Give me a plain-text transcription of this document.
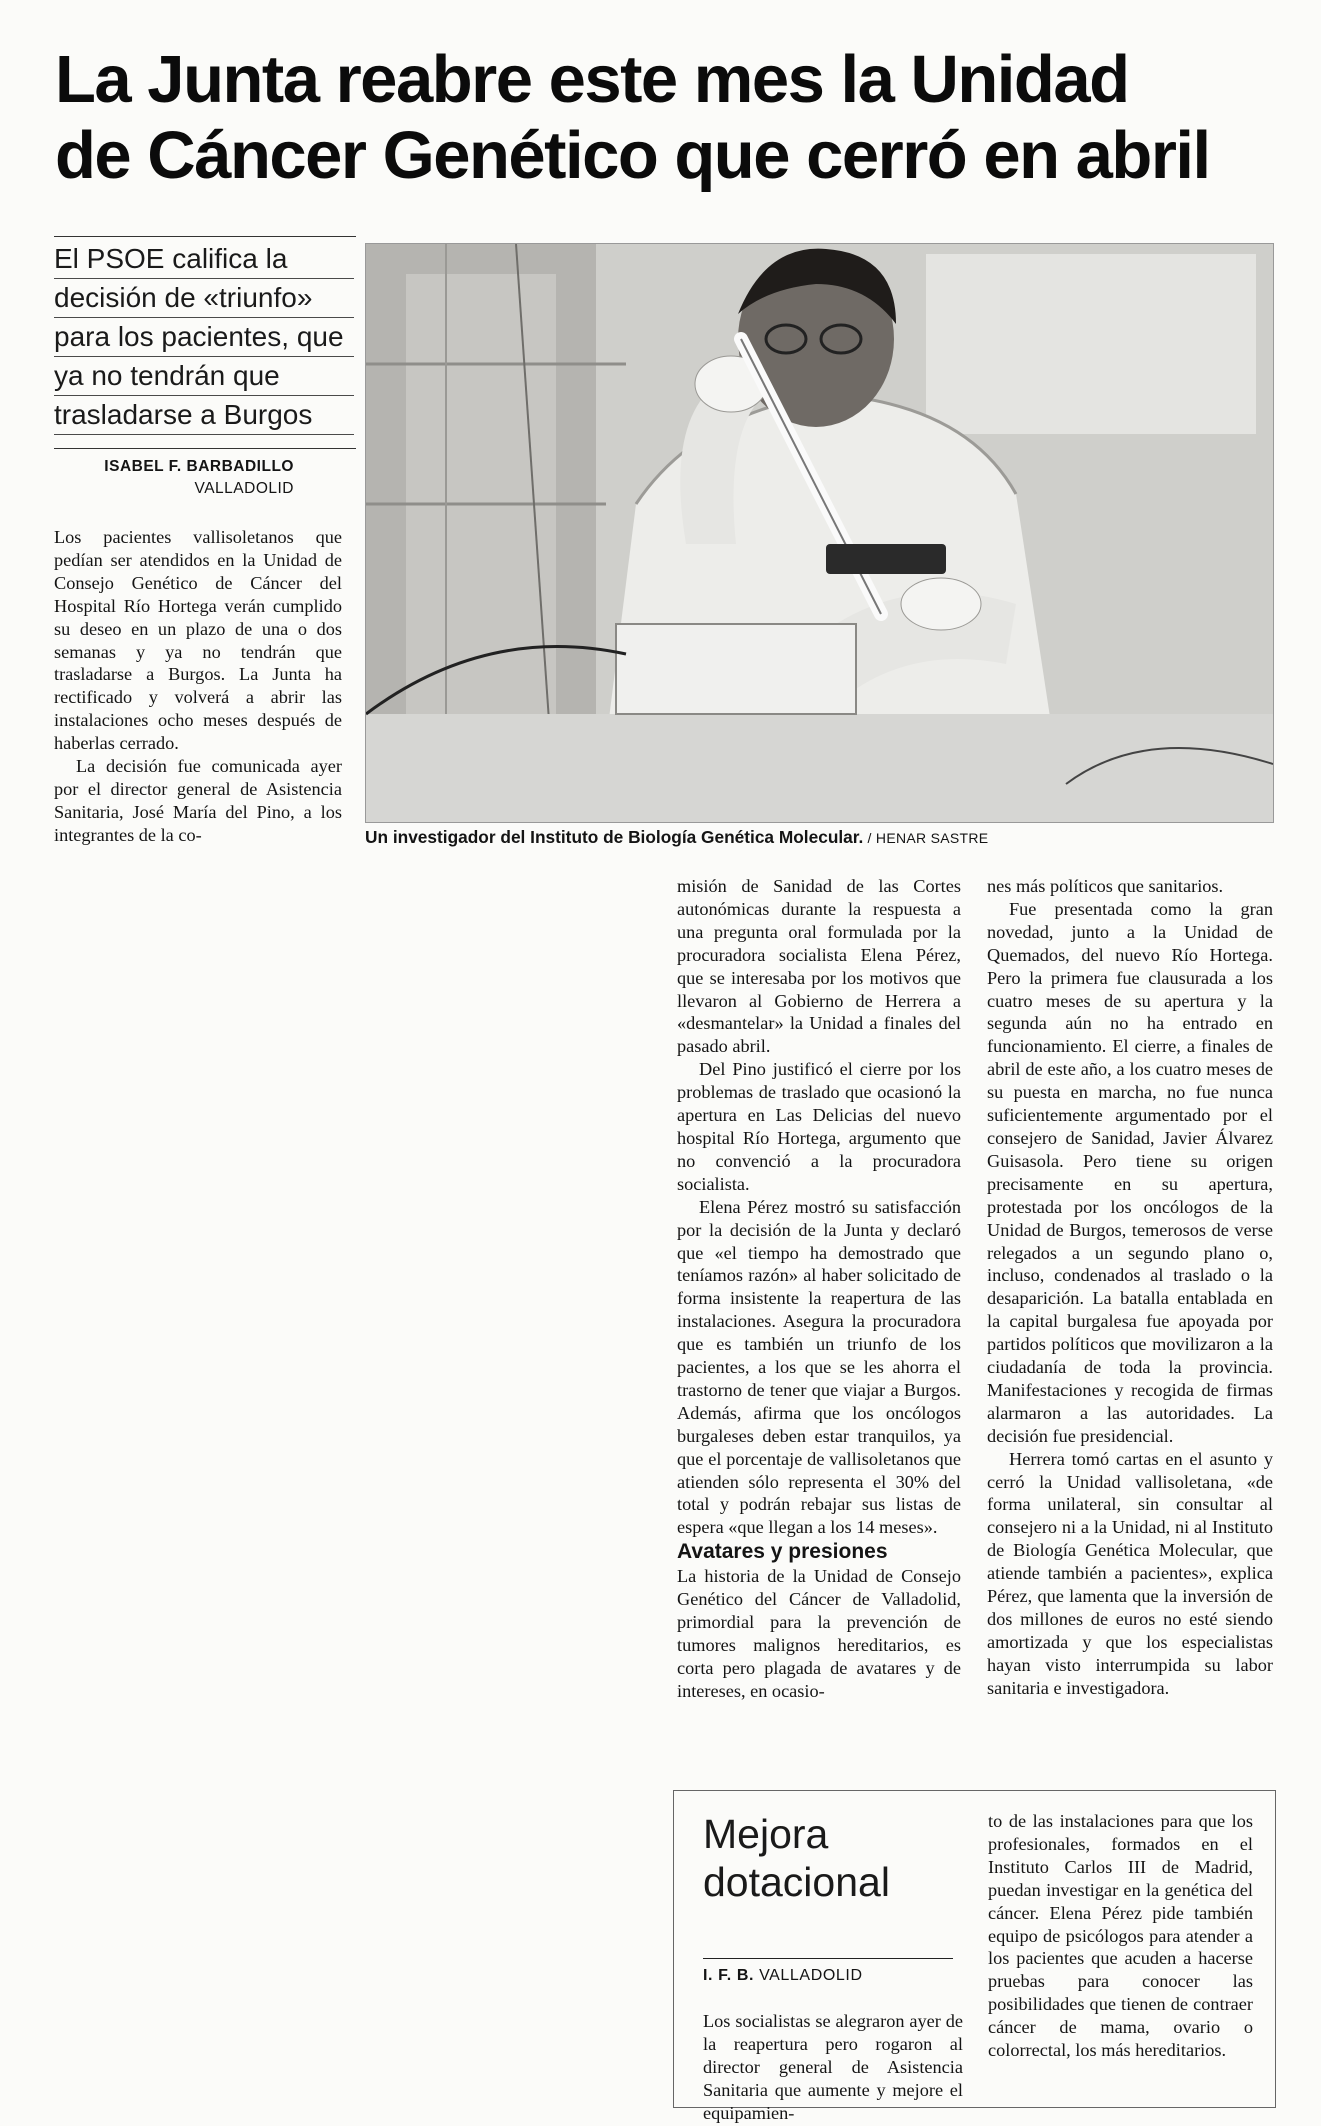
La Junta reabre este mes la Unidad
de Cáncer Genético que cerró en abril
El PSOE califica la
decisión de «triunfo»
para los pacientes, que
ya no tendrán que
trasladarse a Burgos
ISABEL F. BARBADILLO
VALLADOLID
Un investigador del Instituto de Biología Genética Molecular. / HENAR SASTRE

Los pacientes vallisoletanos que pedían ser atendidos en la Unidad de Consejo Genético de Cáncer del Hospital Río Hortega verán cumplido su deseo en un plazo de una o dos semanas y ya no tendrán que trasladarse a Burgos. La Junta ha rectificado y volverá a abrir las instalaciones ocho meses después de haberlas cerrado.

La decisión fue comunicada ayer por el director general de Asistencia Sanitaria, José María del Pino, a los integrantes de la co-

misión de Sanidad de las Cortes autonómicas durante la respuesta a una pregunta oral formulada por la procuradora socialista Elena Pérez, que se interesaba por los motivos que llevaron al Gobierno de Herrera a «desmantelar» la Unidad a finales del pasado abril.

Del Pino justificó el cierre por los problemas de traslado que ocasionó la apertura en Las Delicias del nuevo hospital Río Hortega, argumento que no convenció a la procuradora socialista.

Elena Pérez mostró su satisfacción por la decisión de la Junta y declaró que «el tiempo ha demostrado que teníamos razón» al haber solicitado de forma insistente la reapertura de las instalaciones. Asegura la procuradora que es también un triunfo de los pacientes, a los que se les ahorra el trastorno de tener que viajar a Burgos. Además, afirma que los oncólogos burgaleses deben estar tranquilos, ya que el porcentaje de vallisoletanos que atienden sólo representa el 30% del total y podrán rebajar sus listas de espera «que llegan a los 14 meses».

Avatares y presiones

La historia de la Unidad de Consejo Genético del Cáncer de Valladolid, primordial para la prevención de tumores malignos hereditarios, es corta pero plagada de avatares y de intereses, en ocasio-

nes más políticos que sanitarios.

Fue presentada como la gran novedad, junto a la Unidad de Quemados, del nuevo Río Hortega. Pero la primera fue clausurada a los cuatro meses de su apertura y la segunda aún no ha entrado en funcionamiento. El cierre, a finales de abril de este año, a los cuatro meses de su puesta en marcha, no fue nunca suficientemente argumentado por el consejero de Sanidad, Javier Álvarez Guisasola. Pero tiene su origen precisamente en su apertura, protestada por los oncólogos de la Unidad de Burgos, temerosos de verse relegados a un segundo plano o, incluso, condenados al traslado o la desaparición. La batalla entablada en la capital burgalesa fue apoyada por partidos políticos que movilizaron a la ciudadanía de toda la provincia. Manifestaciones y recogida de firmas alarmaron a las autoridades. La decisión fue presidencial.

Herrera tomó cartas en el asunto y cerró la Unidad vallisoletana, «de forma unilateral, sin consultar al consejero ni a la Unidad, ni al Instituto de Biología Genética Molecular, que atiende también a pacientes», explica Pérez, que lamenta que la inversión de dos millones de euros no esté siendo amortizada y que los especialistas hayan visto interrumpida su labor sanitaria e investigadora.

Mejora dotacional
I. F. B. VALLADOLID

Los socialistas se alegraron ayer de la reapertura pero rogaron al director general de Asistencia Sanitaria que aumente y mejore el equipamien-

to de las instalaciones para que los profesionales, formados en el Instituto Carlos III de Madrid, puedan investigar en la genética del cáncer. Elena Pérez pide también equipo de psicólogos para atender a los pacientes que acuden a hacerse pruebas para conocer las posibilidades que tienen de contraer cáncer de mama, ovario o colorrectal, los más hereditarios.
